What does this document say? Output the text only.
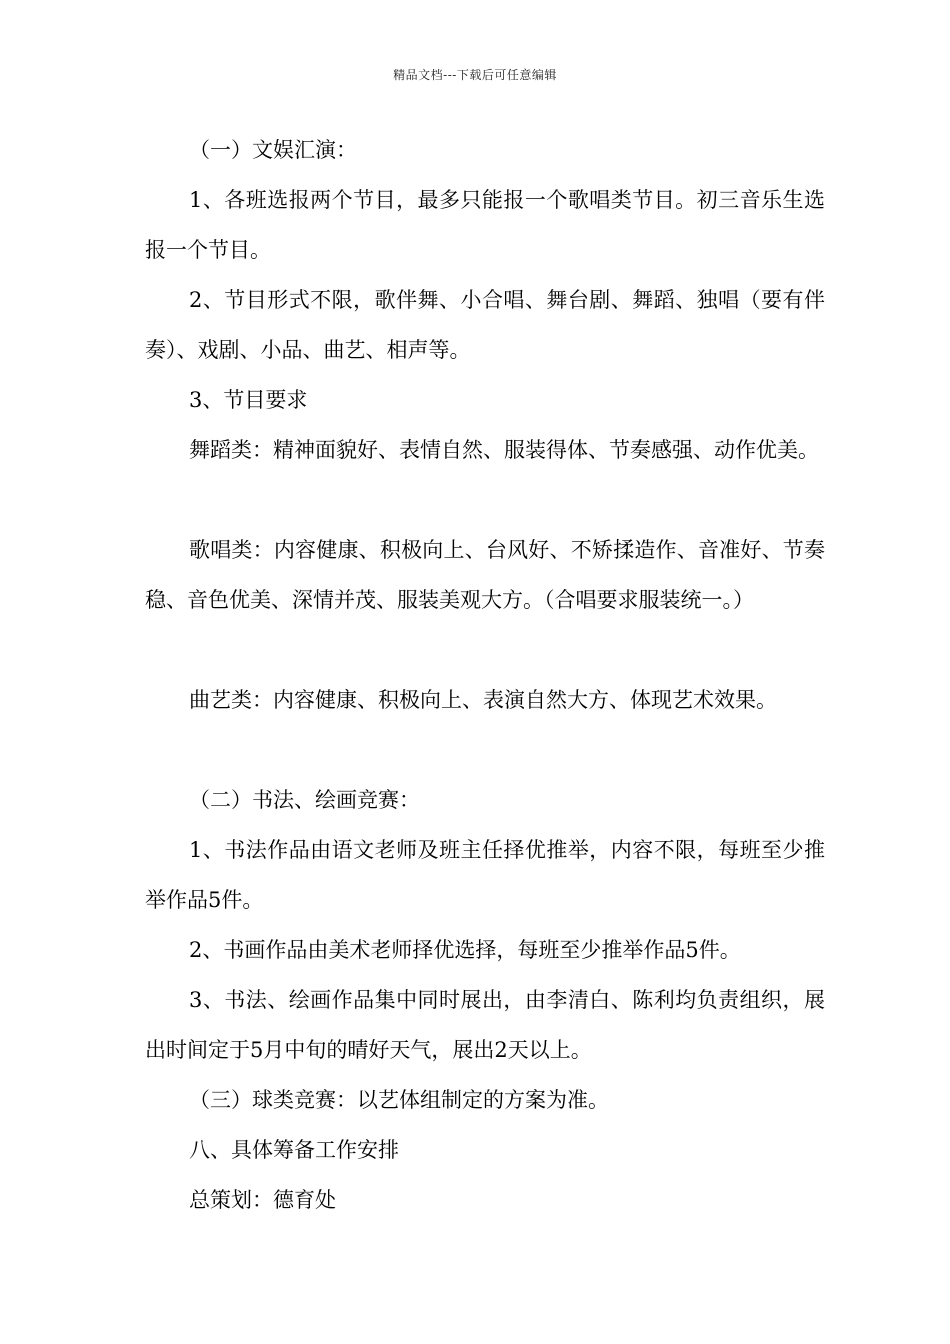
精品文档---下载后可任意编辑

（一）文娱汇演：

1、各班选报两个节目，最多只能报一个歌唱类节目。初三音乐生选报一个节目。

2、节目形式不限，歌伴舞、小合唱、舞台剧、舞蹈、独唱（要有伴奏）、戏剧、小品、曲艺、相声等。

3、节目要求

舞蹈类：精神面貌好、表情自然、服装得体、节奏感强、动作优美。

歌唱类：内容健康、积极向上、台风好、不矫揉造作、音准好、节奏稳、音色优美、深情并茂、服装美观大方。（合唱要求服装统一。）

曲艺类：内容健康、积极向上、表演自然大方、体现艺术效果。

（二）书法、绘画竞赛：

1、书法作品由语文老师及班主任择优推举，内容不限，每班至少推举作品5件。

2、书画作品由美术老师择优选择，每班至少推举作品5件。

3、书法、绘画作品集中同时展出，由李清白、陈利均负责组织，展出时间定于5月中旬的晴好天气，展出2天以上。

（三）球类竞赛：以艺体组制定的方案为准。

八、具体筹备工作安排

总策划：德育处
